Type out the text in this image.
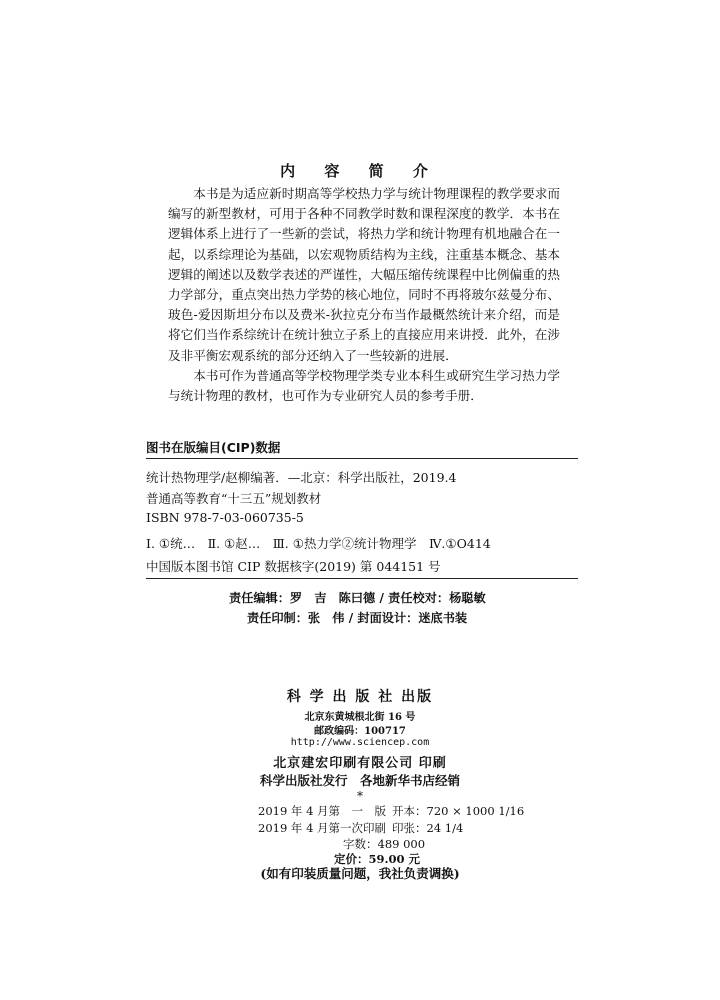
内 容 简 介

本书是为适应新时期高等学校热力学与统计物理课程的教学要求而编写的新型教材，可用于各种不同教学时数和课程深度的教学．本书在逻辑体系上进行了一些新的尝试，将热力学和统计物理有机地融合在一起，以系综理论为基础，以宏观物质结构为主线，注重基本概念、基本逻辑的阐述以及数学表述的严谨性，大幅压缩传统课程中比例偏重的热力学部分，重点突出热力学势的核心地位，同时不再将玻尔兹曼分布、玻色-爱因斯坦分布以及费米-狄拉克分布当作最概然统计来介绍，而是将它们当作系综统计在统计独立子系上的直接应用来讲授．此外，在涉及非平衡宏观系统的部分还纳入了一些较新的进展．

本书可作为普通高等学校物理学类专业本科生或研究生学习热力学与统计物理的教材，也可作为专业研究人员的参考手册．

图书在版编目(CIP)数据
统计热物理学/赵柳编著．—北京：科学出版社，2019.4
普通高等教育“十三五”规划教材
ISBN 978-7-03-060735-5
Ⅰ. ①统…　Ⅱ. ①赵…　Ⅲ. ①热力学②统计物理学　Ⅳ.①O414
中国版本图书馆 CIP 数据核字(2019) 第 044151 号
责任编辑：罗　吉　陈曰德 / 责任校对：杨聪敏
责任印制：张　伟 / 封面设计：迷底书装
科 学 出 版 社 出版
北京东黄城根北街 16 号
邮政编码：100717
http://www.sciencep.com
北京建宏印刷有限公司 印刷
科学出版社发行　各地新华书店经销
*
2019 年 4 月第　一　版 开本：720 × 1000 1/16
2019 年 4 月第一次印刷 印张：24 1/4
字数：489 000
定价：59.00 元
(如有印装质量问题，我社负责调换)
